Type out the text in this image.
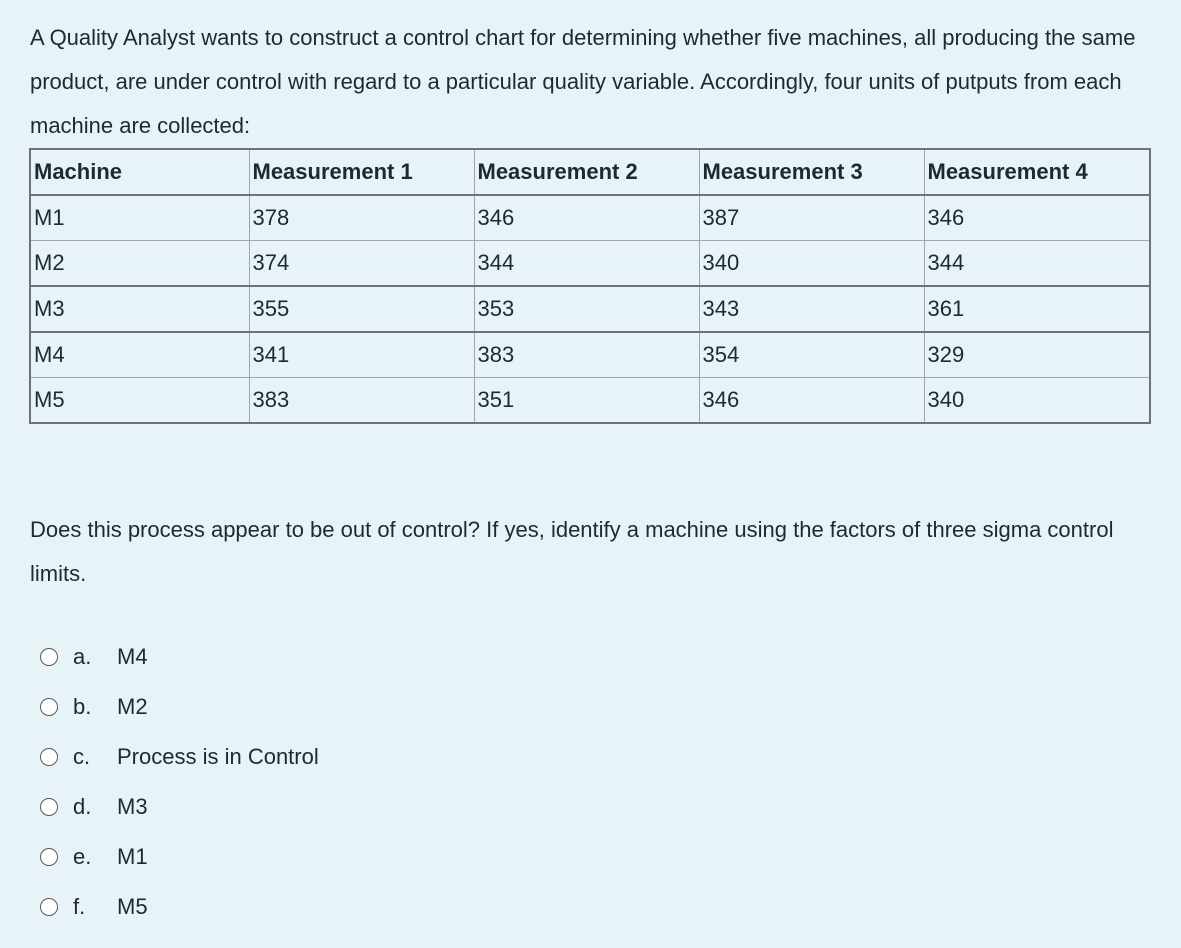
A Quality Analyst wants to construct a control chart for determining whether five machines, all producing the same product, are under control with regard to a particular quality variable. Accordingly, four units of putputs from each machine are collected:
Machine	Measurement 1	Measurement 2	Measurement 3	Measurement 4
M1	378	346	387	346
M2	374	344	340	344
M3	355	353	343	361
M4	341	383	354	329
M5	383	351	346	340
Does this process appear to be out of control? If yes, identify a machine using the factors of three sigma control limits.
a.	M4
b.	M2
c.	Process is in Control
d.	M3
e.	M1
f.	M5
